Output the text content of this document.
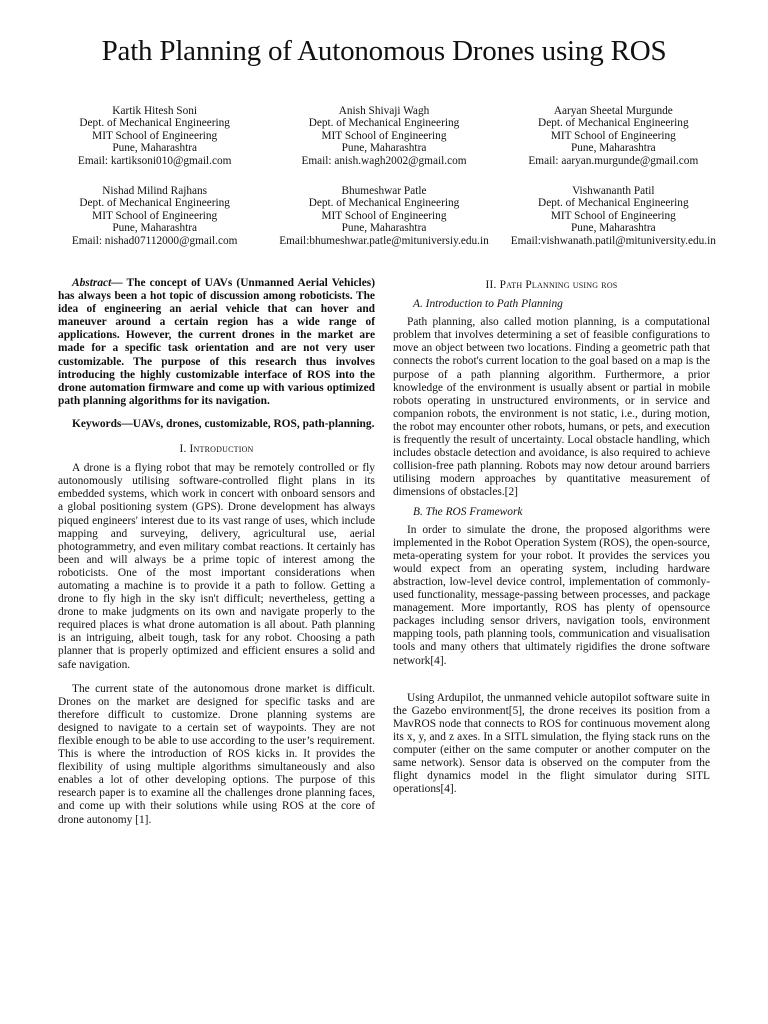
Path Planning of Autonomous Drones using ROS
Kartik Hitesh Soni
Dept. of Mechanical Engineering
MIT School of Engineering
Pune, Maharashtra
Email: kartiksoni010@gmail.com
Anish Shivaji Wagh
Dept. of Mechanical Engineering
MIT School of Engineering
Pune, Maharashtra
Email: anish.wagh2002@gmail.com
Aaryan Sheetal Murgunde
Dept. of Mechanical Engineering
MIT School of Engineering
Pune, Maharashtra
Email: aaryan.murgunde@gmail.com
Nishad Milind Rajhans
Dept. of Mechanical Engineering
MIT School of Engineering
Pune, Maharashtra
Email: nishad07112000@gmail.com
Bhumeshwar Patle
Dept. of Mechanical Engineering
MIT School of Engineering
Pune, Maharashtra
Email:bhumeshwar.patle@mituniversiy.edu.in
Vishwananth Patil
Dept. of Mechanical Engineering
MIT School of Engineering
Pune, Maharashtra
Email:vishwanath.patil@mituniversity.edu.in

Abstract— The concept of UAVs (Unmanned Aerial Vehicles) has always been a hot topic of discussion among roboticists. The idea of engineering an aerial vehicle that can hover and maneuver around a certain region has a wide range of applications. However, the current drones in the market are made for a specific task orientation and are not very user customizable. The purpose of this research thus involves introducing the highly customizable interface of ROS into the drone automation firmware and come up with various optimized path planning algorithms for its navigation.

Keywords—UAVs, drones, customizable, ROS, path-planning.

I. Introduction

A drone is a flying robot that may be remotely controlled or fly autonomously utilising software-controlled flight plans in its embedded systems, which work in concert with onboard sensors and a global positioning system (GPS). Drone development has always piqued engineers' interest due to its vast range of uses, which include mapping and surveying, delivery, agricultural use, aerial photogrammetry, and even military combat reactions. It certainly has been and will always be a prime topic of interest among the roboticists. One of the most important considerations when automating a machine is to provide it a path to follow. Getting a drone to fly high in the sky isn't difficult; nevertheless, getting a drone to make judgments on its own and navigate properly to the required places is what drone automation is all about. Path planning is an intriguing, albeit tough, task for any robot. Choosing a path planner that is properly optimized and efficient ensures a solid and safe navigation.

The current state of the autonomous drone market is difficult. Drones on the market are designed for specific tasks and are therefore difficult to customize. Drone planning systems are designed to navigate to a certain set of waypoints. They are not flexible enough to be able to use according to the user’s requirement. This is where the introduction of ROS kicks in. It provides the flexibility of using multiple algorithms simultaneously and also enables a lot of other developing options. The purpose of this research paper is to examine all the challenges drone planning faces, and come up with their solutions while using ROS at the core of drone autonomy [1].

II. Path Planning using ros

A. Introduction to Path Planning

Path planning, also called motion planning, is a computational problem that involves determining a set of feasible configurations to move an object between two locations. Finding a geometric path that connects the robot's current location to the goal based on a map is the purpose of a path planning algorithm. Furthermore, a prior knowledge of the environment is usually absent or partial in mobile robots operating in unstructured environments, or in service and companion robots, the environment is not static, i.e., during motion, the robot may encounter other robots, humans, or pets, and execution is frequently the result of uncertainty. Local obstacle handling, which includes obstacle detection and avoidance, is also required to achieve collision-free path planning. Robots may now detour around barriers utilising modern approaches by quantitative measurement of dimensions of obstacles.[2]

B. The ROS Framework

In order to simulate the drone, the proposed algorithms were implemented in the Robot Operation System (ROS), the open-source, meta-operating system for your robot. It provides the services you would expect from an operating system, including hardware abstraction, low-level device control, implementation of commonly-used functionality, message-passing between processes, and package management. More importantly, ROS has plenty of opensource packages including sensor drivers, navigation tools, environment mapping tools, path planning tools, communication and visualisation tools and many others that ultimately rigidifies the drone software network[4].

Using Ardupilot, the unmanned vehicle autopilot software suite in the Gazebo environment[5], the drone receives its position from a MavROS node that connects to ROS for continuous movement along its x, y, and z axes. In a SITL simulation, the flying stack runs on the computer (either on the same computer or another computer on the same network). Sensor data is observed on the computer from the flight dynamics model in the flight simulator during SITL operations[4].
